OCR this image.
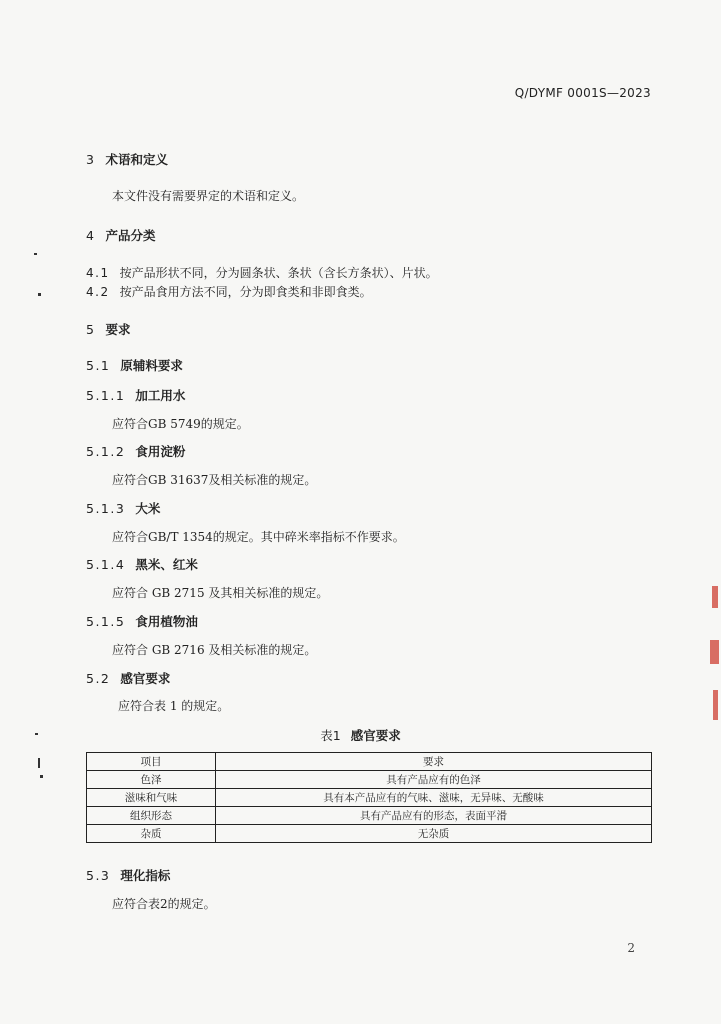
Q/DYMF 0001S—2023
3 术语和定义
本文件没有需要界定的术语和定义。
4 产品分类
4.1 按产品形状不同，分为圆条状、条状（含长方条状）、片状。
4.2 按产品食用方法不同，分为即食类和非即食类。
5 要求
5.1 原辅料要求
5.1.1 加工用水
应符合GB 5749的规定。
5.1.2 食用淀粉
应符合GB 31637及相关标准的规定。
5.1.3 大米
应符合GB/T 1354的规定。其中碎米率指标不作要求。
5.1.4 黑米、红米
应符合 GB 2715 及其相关标准的规定。
5.1.5 食用植物油
应符合 GB 2716 及相关标准的规定。
5.2 感官要求
应符合表 1 的规定。
表1 感官要求
项目	要求
色泽	具有产品应有的色泽
滋味和气味	具有本产品应有的气味、滋味，无异味、无酸味
组织形态	具有产品应有的形态，表面平滑
杂质	无杂质
5.3 理化指标
应符合表2的规定。
2
